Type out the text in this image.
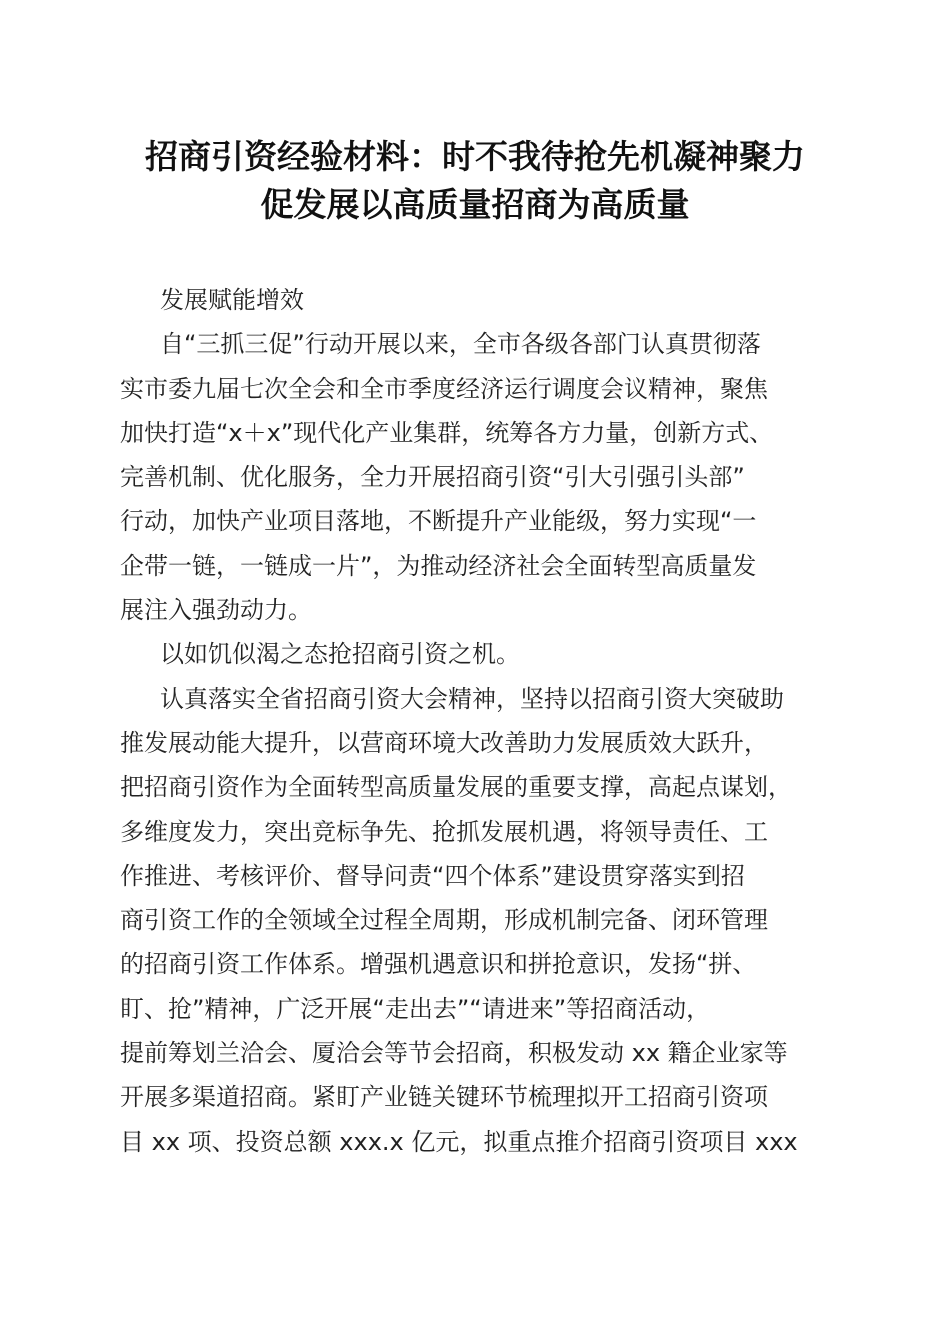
招商引资经验材料：时不我待抢先机凝神聚力
促发展以高质量招商为高质量
发展赋能增效
自“三抓三促”行动开展以来，全市各级各部门认真贯彻落
实市委九届七次全会和全市季度经济运行调度会议精神，聚焦
加快打造“x＋x”现代化产业集群，统筹各方力量，创新方式、
完善机制、优化服务，全力开展招商引资“引大引强引头部”
行动，加快产业项目落地，不断提升产业能级，努力实现“一
企带一链，一链成一片”，为推动经济社会全面转型高质量发
展注入强劲动力。
以如饥似渴之态抢招商引资之机。
认真落实全省招商引资大会精神，坚持以招商引资大突破助
推发展动能大提升，以营商环境大改善助力发展质效大跃升，
把招商引资作为全面转型高质量发展的重要支撑，高起点谋划，
多维度发力，突出竞标争先、抢抓发展机遇，将领导责任、工
作推进、考核评价、督导问责“四个体系”建设贯穿落实到招
商引资工作的全领域全过程全周期，形成机制完备、闭环管理
的招商引资工作体系。增强机遇意识和拼抢意识，发扬“拼、
盯、抢”精神，广泛开展“走出去”“请进来”等招商活动，
提前筹划兰洽会、厦洽会等节会招商，积极发动 xx 籍企业家等
开展多渠道招商。紧盯产业链关键环节梳理拟开工招商引资项
目 xx 项、投资总额 xxx.x 亿元，拟重点推介招商引资项目 xxx
